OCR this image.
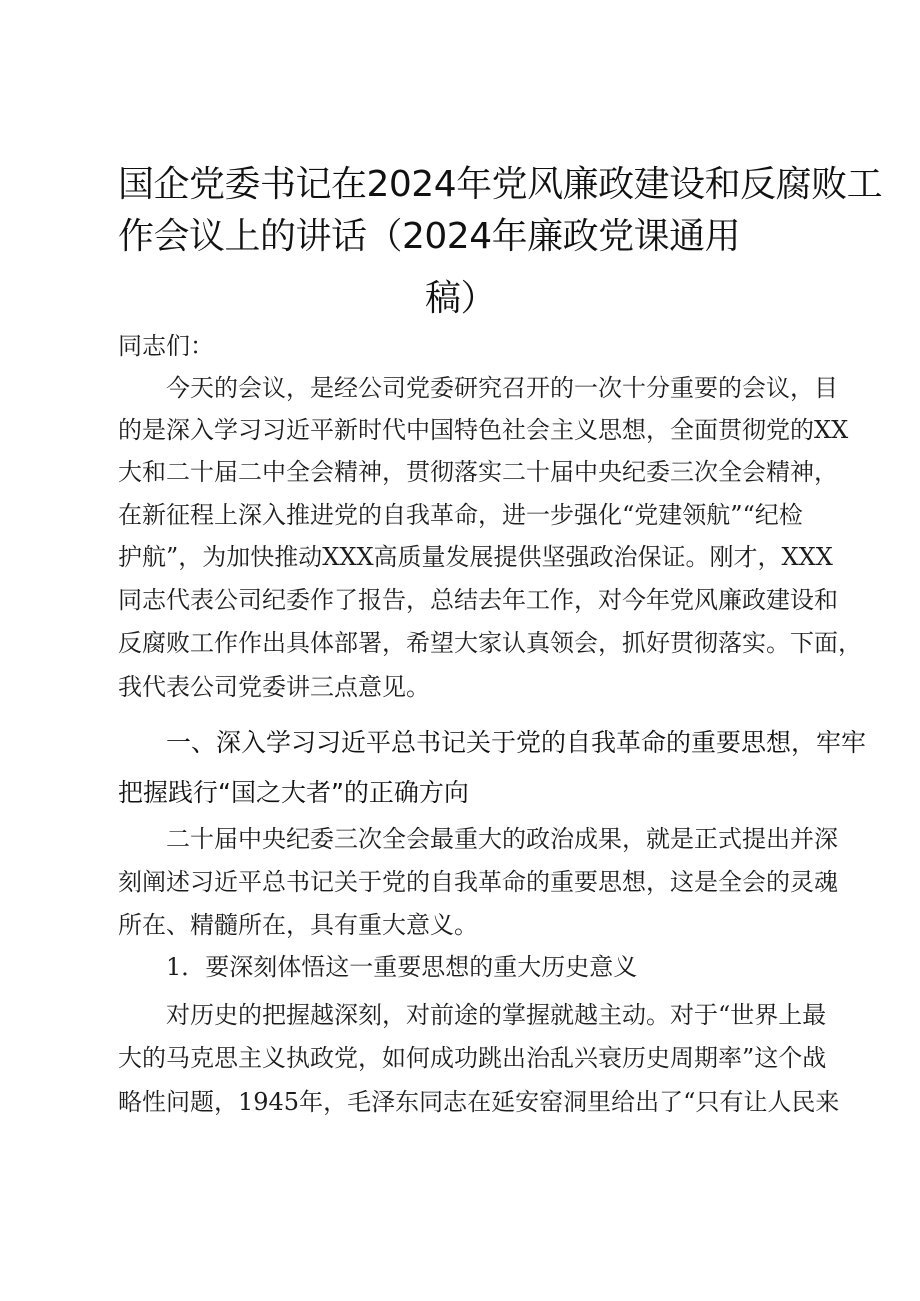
国企党委书记在2024年党风廉政建设和反腐败工
作会议上的讲话（2024年廉政党课通用
稿）
同志们：
今天的会议，是经公司党委研究召开的一次十分重要的会议，目
的是深入学习习近平新时代中国特色社会主义思想，全面贯彻党的XX
大和二十届二中全会精神，贯彻落实二十届中央纪委三次全会精神，
在新征程上深入推进党的自我革命，进一步强化“党建领航”“纪检
护航”，为加快推动XXX高质量发展提供坚强政治保证。刚才，XXX
同志代表公司纪委作了报告，总结去年工作，对今年党风廉政建设和
反腐败工作作出具体部署，希望大家认真领会，抓好贯彻落实。下面，
我代表公司党委讲三点意见。
一、深入学习习近平总书记关于党的自我革命的重要思想，牢牢
把握践行“国之大者”的正确方向
二十届中央纪委三次全会最重大的政治成果，就是正式提出并深
刻阐述习近平总书记关于党的自我革命的重要思想，这是全会的灵魂
所在、精髓所在，具有重大意义。
1．要深刻体悟这一重要思想的重大历史意义
对历史的把握越深刻，对前途的掌握就越主动。对于“世界上最
大的马克思主义执政党，如何成功跳出治乱兴衰历史周期率”这个战
略性问题，1945年，毛泽东同志在延安窑洞里给出了“只有让人民来
